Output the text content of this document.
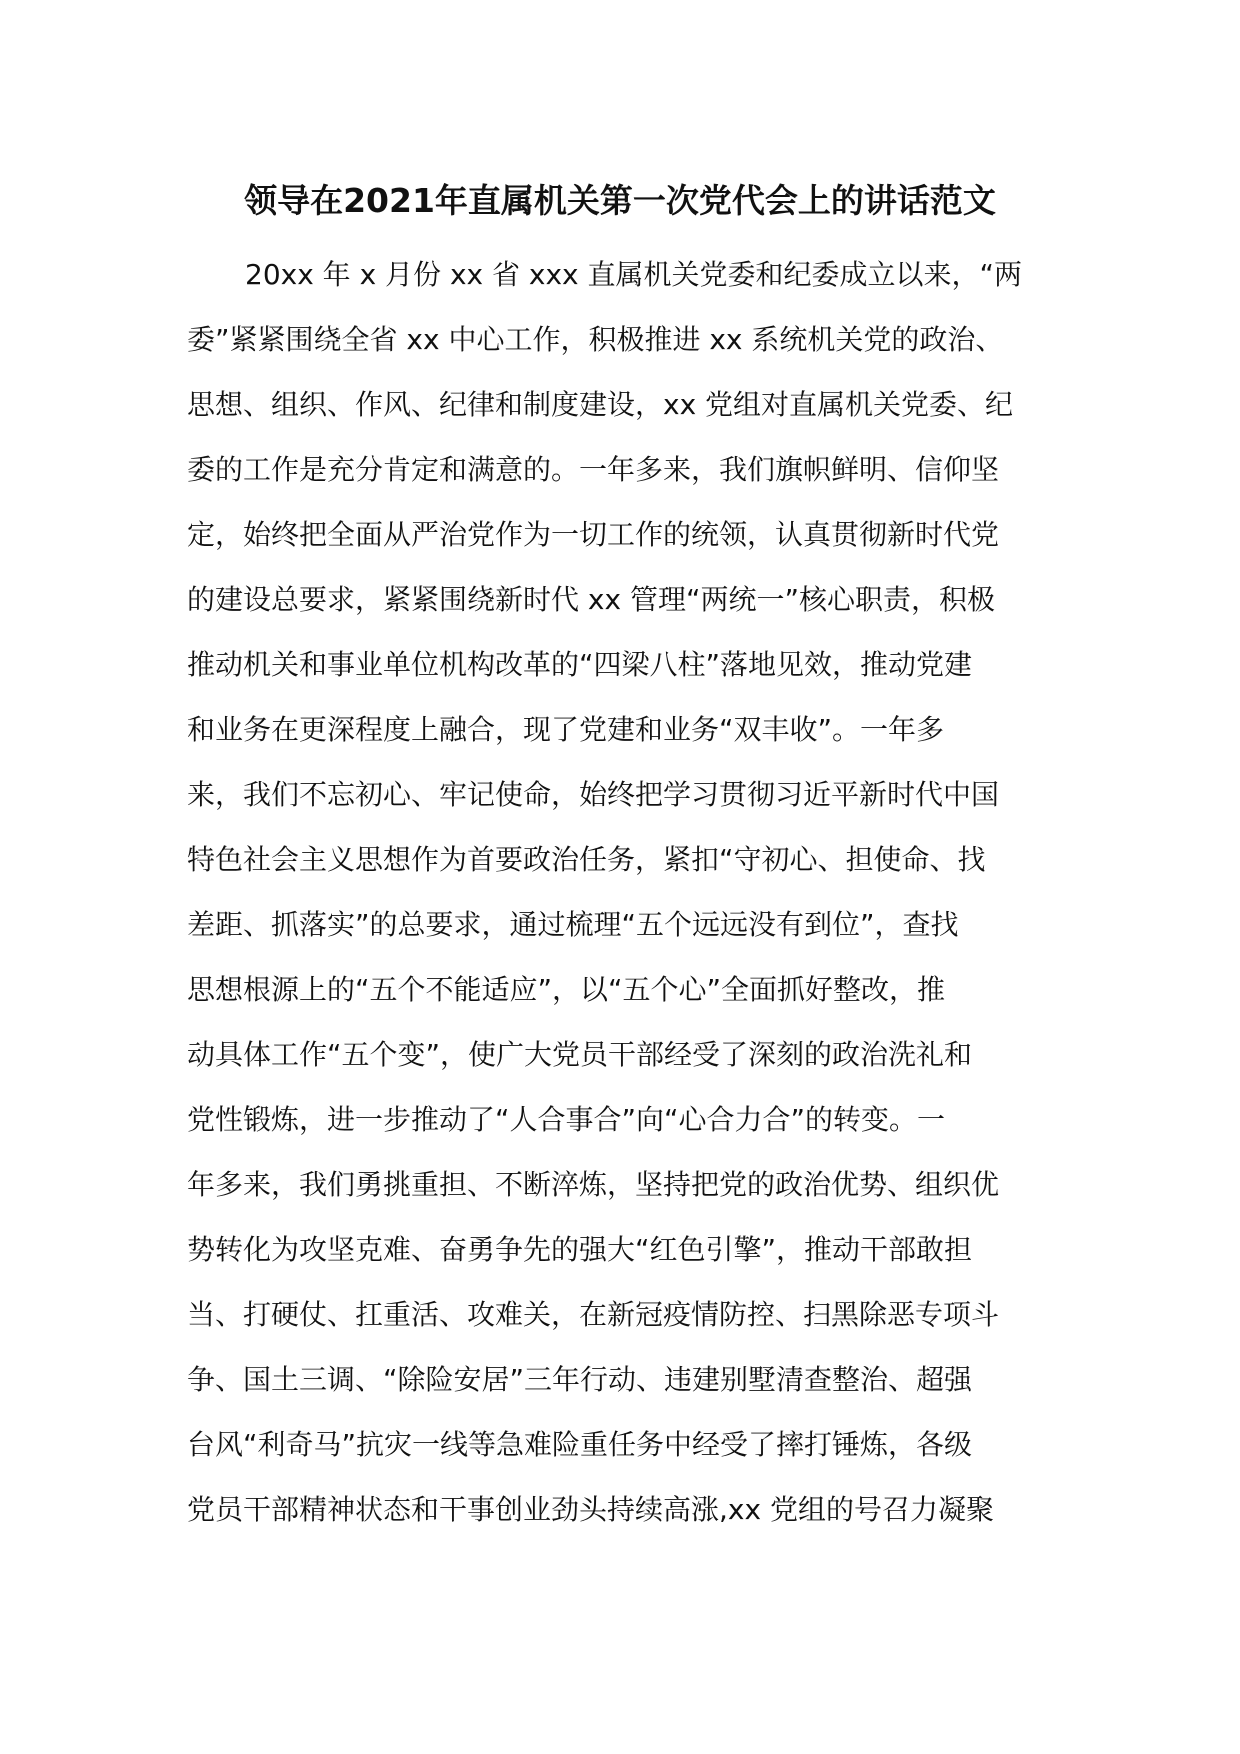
领导在2021年直属机关第一次党代会上的讲话范文
20xx 年 x 月份 xx 省 xxx 直属机关党委和纪委成立以来，“两
委”紧紧围绕全省 xx 中心工作，积极推进 xx 系统机关党的政治、
思想、组织、作风、纪律和制度建设，xx 党组对直属机关党委、纪
委的工作是充分肯定和满意的。一年多来，我们旗帜鲜明、信仰坚
定，始终把全面从严治党作为一切工作的统领，认真贯彻新时代党
的建设总要求，紧紧围绕新时代 xx 管理“两统一”核心职责，积极
推动机关和事业单位机构改革的“四梁八柱”落地见效，推动党建
和业务在更深程度上融合，现了党建和业务“双丰收”。一年多
来，我们不忘初心、牢记使命，始终把学习贯彻习近平新时代中国
特色社会主义思想作为首要政治任务，紧扣“守初心、担使命、找
差距、抓落实”的总要求，通过梳理“五个远远没有到位”，查找
思想根源上的“五个不能适应”，以“五个心”全面抓好整改，推
动具体工作“五个变”，使广大党员干部经受了深刻的政治洗礼和
党性锻炼，进一步推动了“人合事合”向“心合力合”的转变。一
年多来，我们勇挑重担、不断淬炼，坚持把党的政治优势、组织优
势转化为攻坚克难、奋勇争先的强大“红色引擎”，推动干部敢担
当、打硬仗、扛重活、攻难关，在新冠疫情防控、扫黑除恶专项斗
争、国土三调、“除险安居”三年行动、违建别墅清查整治、超强
台风“利奇马”抗灾一线等急难险重任务中经受了摔打锤炼，各级
党员干部精神状态和干事创业劲头持续高涨,xx 党组的号召力凝聚
